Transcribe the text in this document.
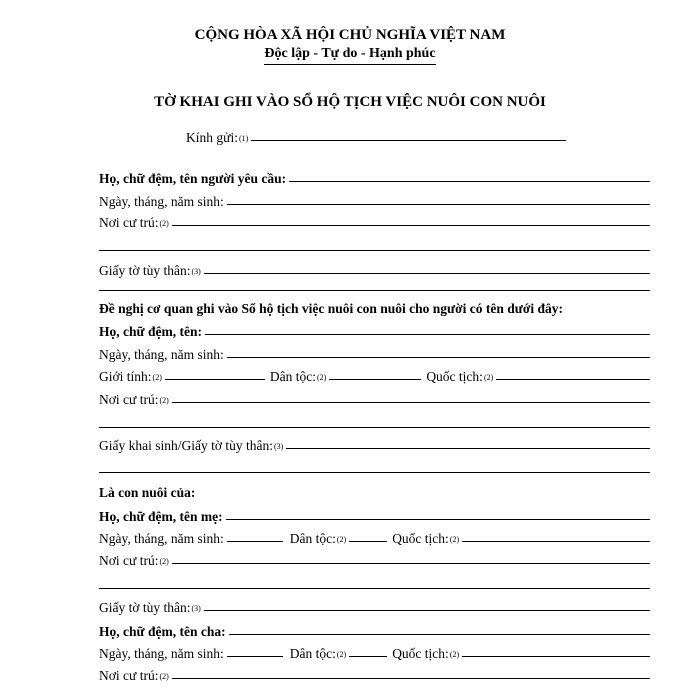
CỘNG HÒA XÃ HỘI CHỦ NGHĨA VIỆT NAM
Độc lập - Tự do - Hạnh phúc
TỜ KHAI GHI VÀO SỔ HỘ TỊCH VIỆC NUÔI CON NUÔI
Kính gửi:$^{(1)}$
Họ, chữ đệm, tên người yêu cầu:
Ngày, tháng, năm sinh:
Nơi cư trú:$^{(2)}$
Giấy tờ tùy thân:$^{(3)}$
Đề nghị cơ quan ghi vào Sổ hộ tịch việc nuôi con nuôi cho người có tên dưới đây:
Họ, chữ đệm, tên:
Ngày, tháng, năm sinh:
Giới tính:$^{(2)}$	Dân tộc:$^{(2)}$	Quốc tịch:$^{(2)}$
Nơi cư trú:$^{(2)}$
Giấy khai sinh/Giấy tờ tùy thân:$^{(3)}$
Là con nuôi của:
Họ, chữ đệm, tên mẹ:
Ngày, tháng, năm sinh:	Dân tộc:$^{(2)}$	Quốc tịch:$^{(2)}$
Nơi cư trú:$^{(2)}$
Giấy tờ tùy thân:$^{(3)}$
Họ, chữ đệm, tên cha:
Ngày, tháng, năm sinh:	Dân tộc:$^{(2)}$	Quốc tịch:$^{(2)}$
Nơi cư trú:$^{(2)}$
